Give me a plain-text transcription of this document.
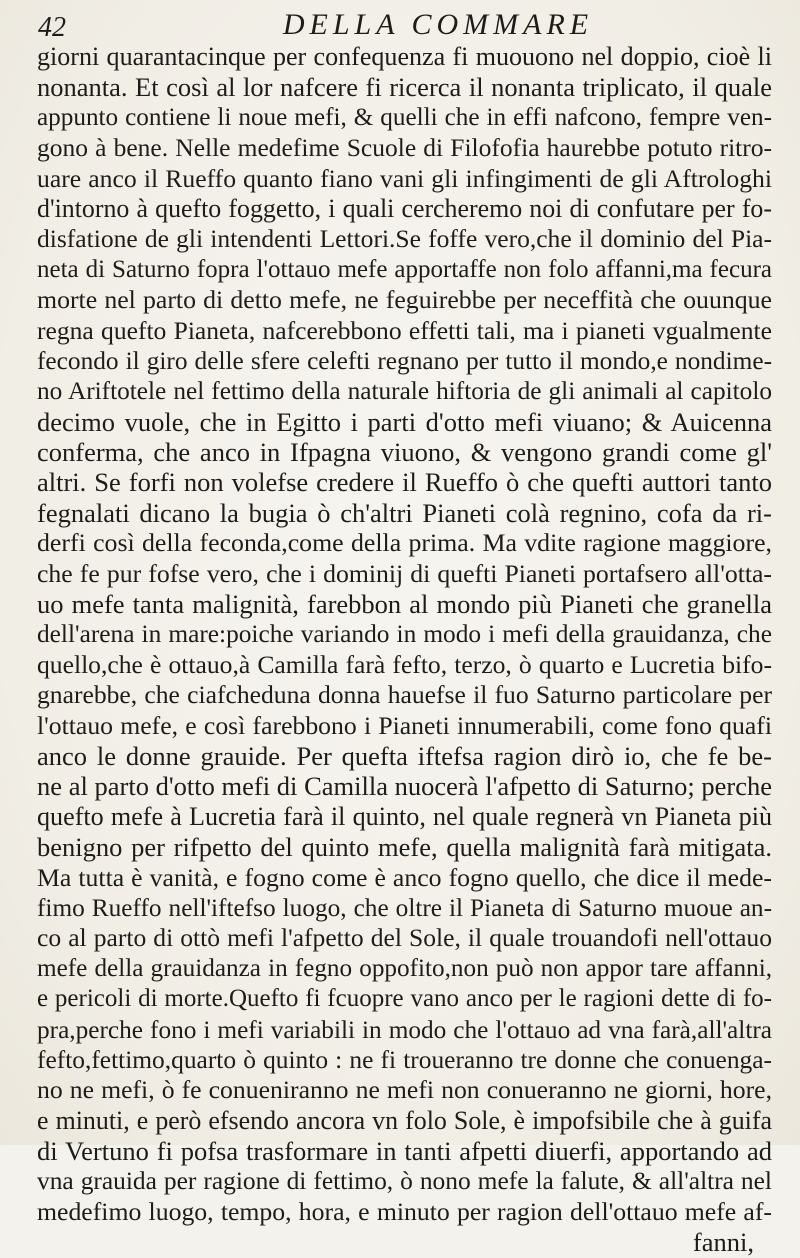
42	DELLA COMMARE
giorni quarantacinque per confequenza fi muouono nel doppio, cioè li
nonanta. Et così al lor nafcere fi ricerca il nonanta triplicato, il quale
appunto contiene li noue mefi, & quelli che in effi nafcono, fempre ven-
gono à bene. Nelle medefime Scuole di Filofofia haurebbe potuto ritro-
uare anco il Rueffo quanto fiano vani gli infingimenti de gli Aftrologhi
d'intorno à quefto foggetto, i quali cercheremo noi di confutare per fo-
disfatione de gli intendenti Lettori.Se foffe vero,che il dominio del Pia-
neta di Saturno fopra l'ottauo mefe apportaffe non folo affanni,ma fecura
morte nel parto di detto mefe, ne feguirebbe per neceffità che ouunque
regna quefto Pianeta, nafcerebbono effetti tali, ma i pianeti vgualmente
fecondo il giro delle sfere celefti regnano per tutto il mondo,e nondime-
no Ariftotele nel fettimo della naturale hiftoria de gli animali al capitolo
decimo vuole, che in Egitto i parti d'otto mefi viuano; & Auicenna
conferma, che anco in Ifpagna viuono, & vengono grandi come gl'
altri. Se forfi non volefse credere il Rueffo ò che quefti auttori tanto
fegnalati dicano la bugia ò ch'altri Pianeti colà regnino, cofa da ri-
derfi così della feconda,come della prima. Ma vdite ragione maggiore,
che fe pur fofse vero, che i dominij di quefti Pianeti portafsero all'otta-
uo mefe tanta malignità, farebbon al mondo più Pianeti che granella
dell'arena in mare:poiche variando in modo i mefi della grauidanza, che
quello,che è ottauo,à Camilla farà fefto, terzo, ò quarto e Lucretia bifo-
gnarebbe, che ciafcheduna donna hauefse il fuo Saturno particolare per
l'ottauo mefe, e così farebbono i Pianeti innumerabili, come fono quafi
anco le donne grauide. Per quefta iftefsa ragion dirò io, che fe be-
ne al parto d'otto mefi di Camilla nuocerà l'afpetto di Saturno; perche
quefto mefe à Lucretia farà il quinto, nel quale regnerà vn Pianeta più
benigno per rifpetto del quinto mefe, quella malignità farà mitigata.
Ma tutta è vanità, e fogno come è anco fogno quello, che dice il mede-
fimo Rueffo nell'iftefso luogo, che oltre il Pianeta di Saturno muoue an-
co al parto di ottò mefi l'afpetto del Sole, il quale trouandofi nell'ottauo
mefe della grauidanza in fegno oppofito,non può non appor tare affanni,
e pericoli di morte.Quefto fi fcuopre vano anco per le ragioni dette di fo-
pra,perche fono i mefi variabili in modo che l'ottauo ad vna farà,all'altra
fefto,fettimo,quarto ò quinto : ne fi troueranno tre donne che conuenga-
no ne mefi, ò fe conueniranno ne mefi non conueranno ne giorni, hore,
e minuti, e però efsendo ancora vn folo Sole, è impofsibile che à guifa
di Vertuno fi pofsa trasformare in tanti afpetti diuerfi, apportando ad
vna grauida per ragione di fettimo, ò nono mefe la falute, & all'altra nel
medefimo luogo, tempo, hora, e minuto per ragion dell'ottauo mefe af-
fanni,
